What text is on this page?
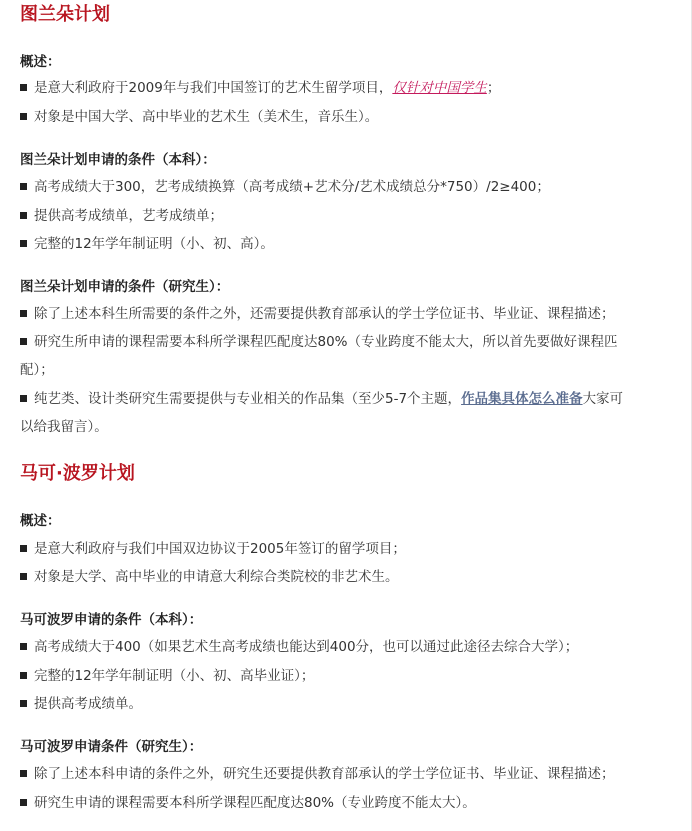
图兰朵计划
概述：
是意大利政府于2009年与我们中国签订的艺术生留学项目，仅针对中国学生；
对象是中国大学、高中毕业的艺术生（美术生，音乐生）。
图兰朵计划申请的条件（本科）：
高考成绩大于300，艺考成绩换算（高考成绩+艺术分/艺术成绩总分*750）/2≥400；
提供高考成绩单，艺考成绩单；
完整的12年学年制证明（小、初、高）。
图兰朵计划申请的条件（研究生）：
除了上述本科生所需要的条件之外，还需要提供教育部承认的学士学位证书、毕业证、课程描述；
研究生所申请的课程需要本科所学课程匹配度达80%（专业跨度不能太大，所以首先要做好课程匹
配）；
纯艺类、设计类研究生需要提供与专业相关的作品集（至少5-7个主题，作品集具体怎么准备大家可
以给我留言）。
马可·波罗计划
概述：
是意大利政府与我们中国双边协议于2005年签订的留学项目；
对象是大学、高中毕业的申请意大利综合类院校的非艺术生。
马可波罗申请的条件（本科）：
高考成绩大于400（如果艺术生高考成绩也能达到400分，也可以通过此途径去综合大学）；
完整的12年学年制证明（小、初、高毕业证）；
提供高考成绩单。
马可波罗申请条件（研究生）：
除了上述本科申请的条件之外，研究生还要提供教育部承认的学士学位证书、毕业证、课程描述；
研究生申请的课程需要本科所学课程匹配度达80%（专业跨度不能太大）。
